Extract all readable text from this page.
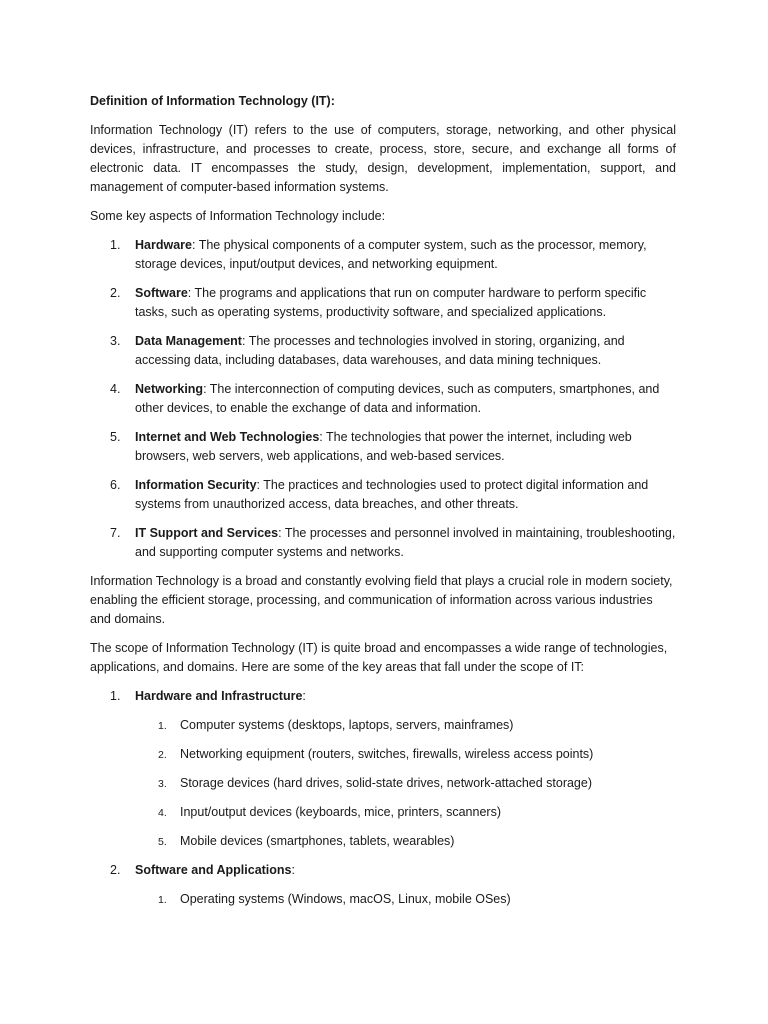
Definition of Information Technology (IT):

Information Technology (IT) refers to the use of computers, storage, networking, and other physical devices, infrastructure, and processes to create, process, store, secure, and exchange all forms of electronic data. IT encompasses the study, design, development, implementation, support, and management of computer-based information systems.

Some key aspects of Information Technology include:

1. Hardware: The physical components of a computer system, such as the processor, memory, storage devices, input/output devices, and networking equipment.
2. Software: The programs and applications that run on computer hardware to perform specific tasks, such as operating systems, productivity software, and specialized applications.
3. Data Management: The processes and technologies involved in storing, organizing, and accessing data, including databases, data warehouses, and data mining techniques.
4. Networking: The interconnection of computing devices, such as computers, smartphones, and other devices, to enable the exchange of data and information.
5. Internet and Web Technologies: The technologies that power the internet, including web browsers, web servers, web applications, and web-based services.
6. Information Security: The practices and technologies used to protect digital information and systems from unauthorized access, data breaches, and other threats.
7. IT Support and Services: The processes and personnel involved in maintaining, troubleshooting, and supporting computer systems and networks.

Information Technology is a broad and constantly evolving field that plays a crucial role in modern society, enabling the efficient storage, processing, and communication of information across various industries and domains.

The scope of Information Technology (IT) is quite broad and encompasses a wide range of technologies, applications, and domains. Here are some of the key areas that fall under the scope of IT:

1. Hardware and Infrastructure:
1. Computer systems (desktops, laptops, servers, mainframes)
2. Networking equipment (routers, switches, firewalls, wireless access points)
3. Storage devices (hard drives, solid-state drives, network-attached storage)
4. Input/output devices (keyboards, mice, printers, scanners)
5. Mobile devices (smartphones, tablets, wearables)
2. Software and Applications:
1. Operating systems (Windows, macOS, Linux, mobile OSes)
